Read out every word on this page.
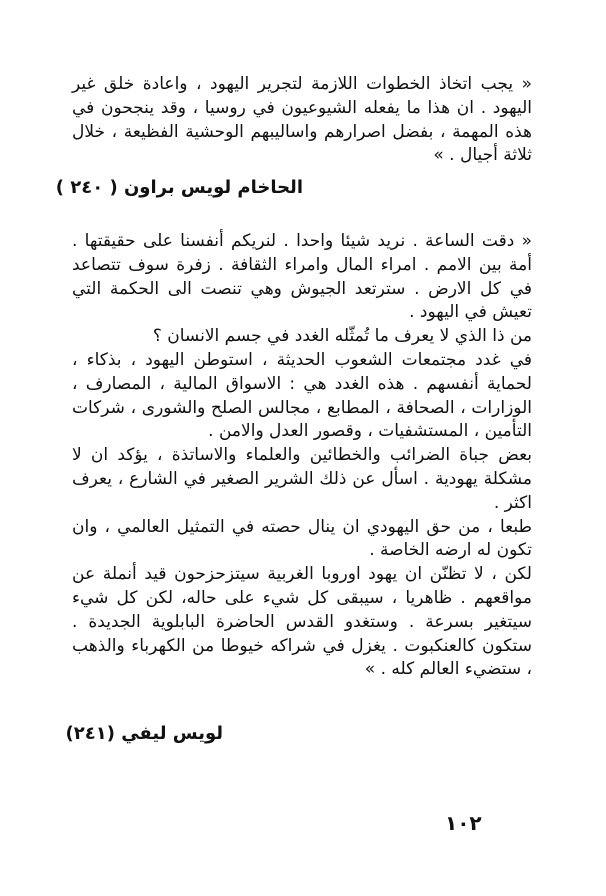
« يجب اتخاذ الخطوات اللازمة لتجرير اليهود ، واعادة خلق غير اليهود . ان هذا ما يفعله الشيوعيون في روسيا ، وقد ينجحون في هذه المهمة ، بفضل اصرارهم واساليبهم الوحشية الفظيعة ، خلال ثلاثة أجيال . »

الحاخام لويس براون ( ٢٤٠ )

« دقت الساعة . نريد شيئا واحدا . لنريكم أنفسنا على حقيقتها . أمة بين الامم . امراء المال وامراء الثقافة . زفرة سوف تتصاعد في كل الارض . سترتعد الجيوش وهي تنصت الى الحكمة التي تعيش في اليهود .

من ذا الذي لا يعرف ما تُمثّله الغدد في جسم الانسان ؟

في غدد مجتمعات الشعوب الحديثة ، استوطن اليهود ، بذكاء ، لحماية أنفسهم . هذه الغدد هي : الاسواق المالية ، المصارف ، الوزارات ، الصحافة ، المطابع ، مجالس الصلح والشورى ، شركات التأمين ، المستشفيات ، وقصور العدل والامن .

بعض جباة الضرائب والخطائين والعلماء والاساتذة ، يؤكد ان لا مشكلة يهودية . اسأل عن ذلك الشرير الصغير في الشارع ، يعرف اكثر .

طبعا ، من حق اليهودي ان ينال حصته في التمثيل العالمي ، وان تكون له ارضه الخاصة .

لكن ، لا تظنّن ان يهود اوروبا الغربية سيتزحزحون قيد أنملة عن مواقعهم . ظاهريا ، سيبقى كل شيء على حاله، لكن كل شيء سيتغير بسرعة . وستغدو القدس الحاضرة البابلوية الجديدة . ستكون كالعنكبوت . يغزل في شراكه خيوطا من الكهرباء والذهب ، ستضيء العالم كله . »

لويس ليفي (٢٤١)
١٠٢
